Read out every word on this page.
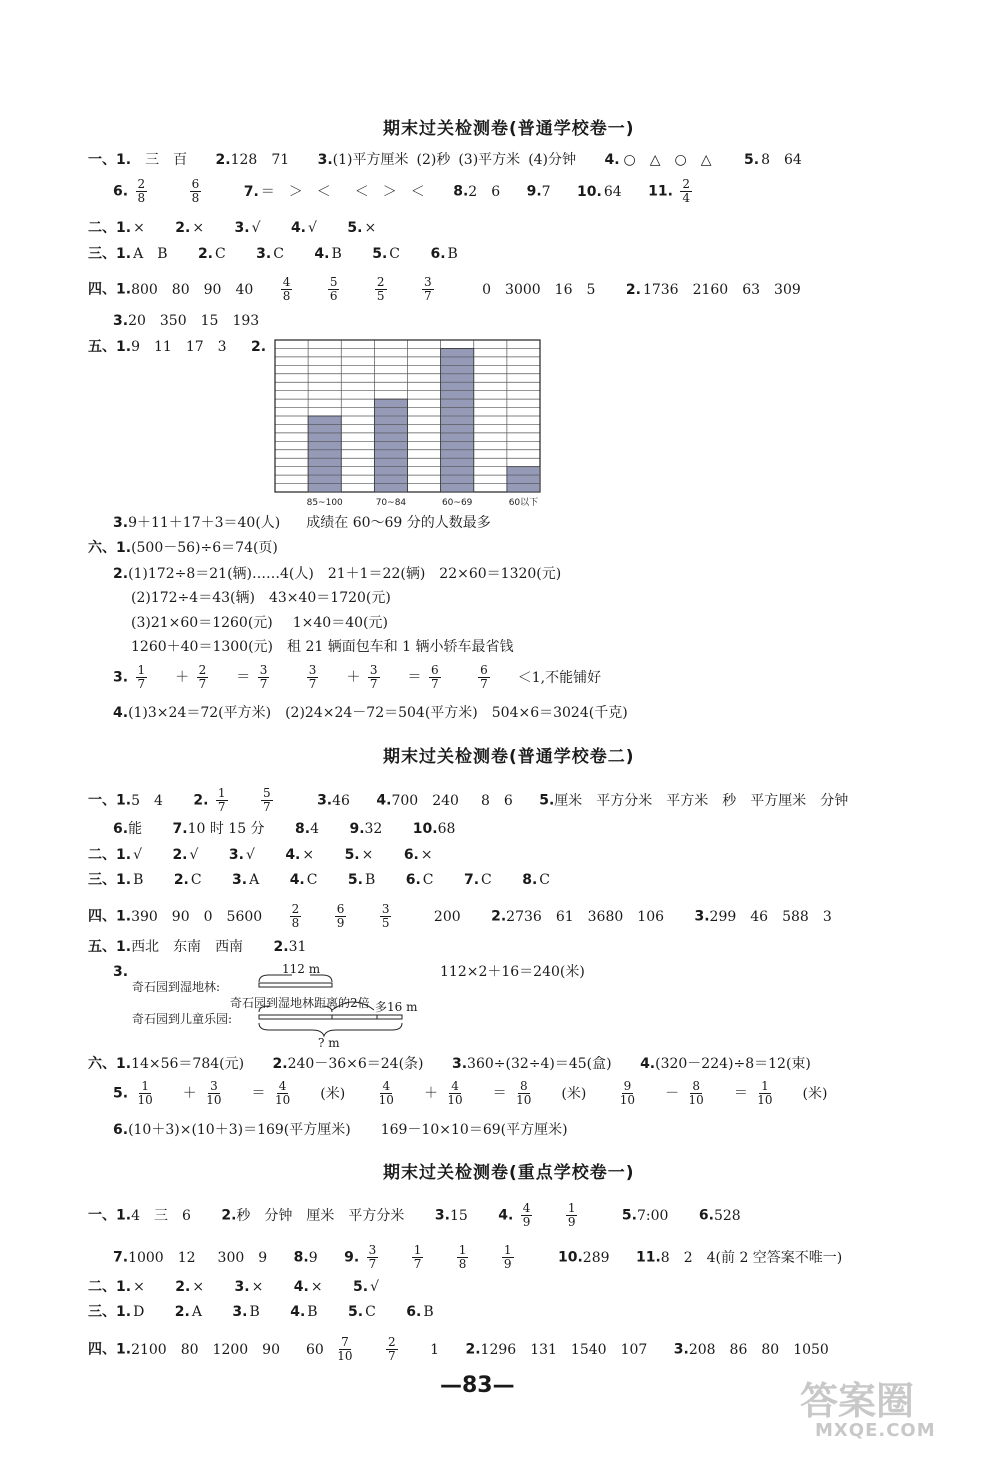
期末过关检测卷(普通学校卷一)
一、1. 三 百 2.128 71 3.(1)平方厘米 (2)秒 (3)平方米 (4)分钟 4. ○ △ ○ △ 5. 8 64
6. $\frac{2}{8}$
$\frac{6}{8} 7$. ＝ ＞ ＜ ＜ ＞ ＜ 8.2 6 9.7 10. 64 11. $\frac{2}{4}$
二、1. × 2. × 3. √ 4. √ 5. ×
三、1. A B 2. C 3. C 4. B 5. C 6. B
四、1.800 80 90 $40 \frac{4}{8}$
$\frac{5}{6}$
$\frac{2}{5}$
$\frac{3}{7} 0$ 3000 16 5 2. 1736 2160 63 309
3.20 350 15 193
五、1.9 11 17 3 2.
85~100	70~84	60~69	60以下
3.9＋11＋17＋3＝40(人) 成绩在 60～69 分的人数最多
六、1.(500－56)÷6＝74(页)
2.(1)172÷8＝21(辆)……4(人) 21＋1＝22(辆) 22×60＝1320(元)
(2)172÷4＝43(辆) 43×40＝1720(元)
(3)21×60＝1260(元) 1×40＝40(元)
1260＋40＝1300(元) 租 21 辆面包车和 1 辆小轿车最省钱
3. $\frac{1}{7} + \frac{2}{7} = \frac{3}{7}$
$\frac{3}{7} + \frac{3}{7} = \frac{6}{7}$
$\frac{6}{7} <1$,不能铺好
4.(1)3×24＝72(平方米) (2)24×24－72＝504(平方米) 504×6＝3024(千克)
期末过关检测卷(普通学校卷二)
一、1.5 4 2. $\frac{1}{7}$
$\frac{5}{7} 3.46$ 4.700 240 8 6 5.厘米 平方分米 平方米 秒 平方厘米 分钟
6.能 7.10 时 15 分 8.4 9.32 10.68
二、1. √ 2. √ 3. √ 4. × 5. × 6. ×
三、1. B 2. C 3. A 4. C 5. B 6. C 7. C 8. C
四、1.390 90 0 $5600 \frac{2}{8}$
$\frac{6}{9}$
$\frac{3}{5} 200$ 2.2736 61 3680 106 3.299 46 588 3
五、1.西北 东南 西南 2.31
3.	112×2＋16＝240(米)
112 m
奇石园到湿地林:
奇石园到湿地林距离的2倍 多16 m
奇石园到儿童乐园:
? m
六、1.14×56＝784(元) 2.240－36×6＝24(条) 3.360÷(32÷4)＝45(盒) 4.(320－224)÷8＝12(束)
5. $\frac{1}{10} + \frac{3}{10} = \frac{4}{10}$ (米)	$\frac{4}{10} + \frac{4}{10} = \frac{8}{10}$ (米)	$\frac{9}{10} - \frac{8}{10} = \frac{1}{10}$ (米)
6.(10＋3)×(10＋3)＝169(平方厘米) 169－10×10＝69(平方厘米)
期末过关检测卷(重点学校卷一)
一、1.4 三 6 2.秒 分钟 厘米 平方分米 3.15 4. $\frac{4}{9}$
$\frac{1}{9}$ 5.7:00 6.528
7.1000 12 300 9 8.9 9. $\frac{3}{7}$
$\frac{1}{7}$
$\frac{1}{8}$
$\frac{1}{9} 10.289$ 11.8 2 4(前 2 空答案不唯一)
二、1. × 2. × 3. × 4. × 5. √
三、1. D 2. A 3. B 4. B 5. C 6. B
四、1.2100 80 1200 90 $60 \frac{7}{10}$
$\frac{2}{7} 1$ 2.1296 131 1540 107 3.208 86 80 1050
—83—	答案圈
MXQE.COM
